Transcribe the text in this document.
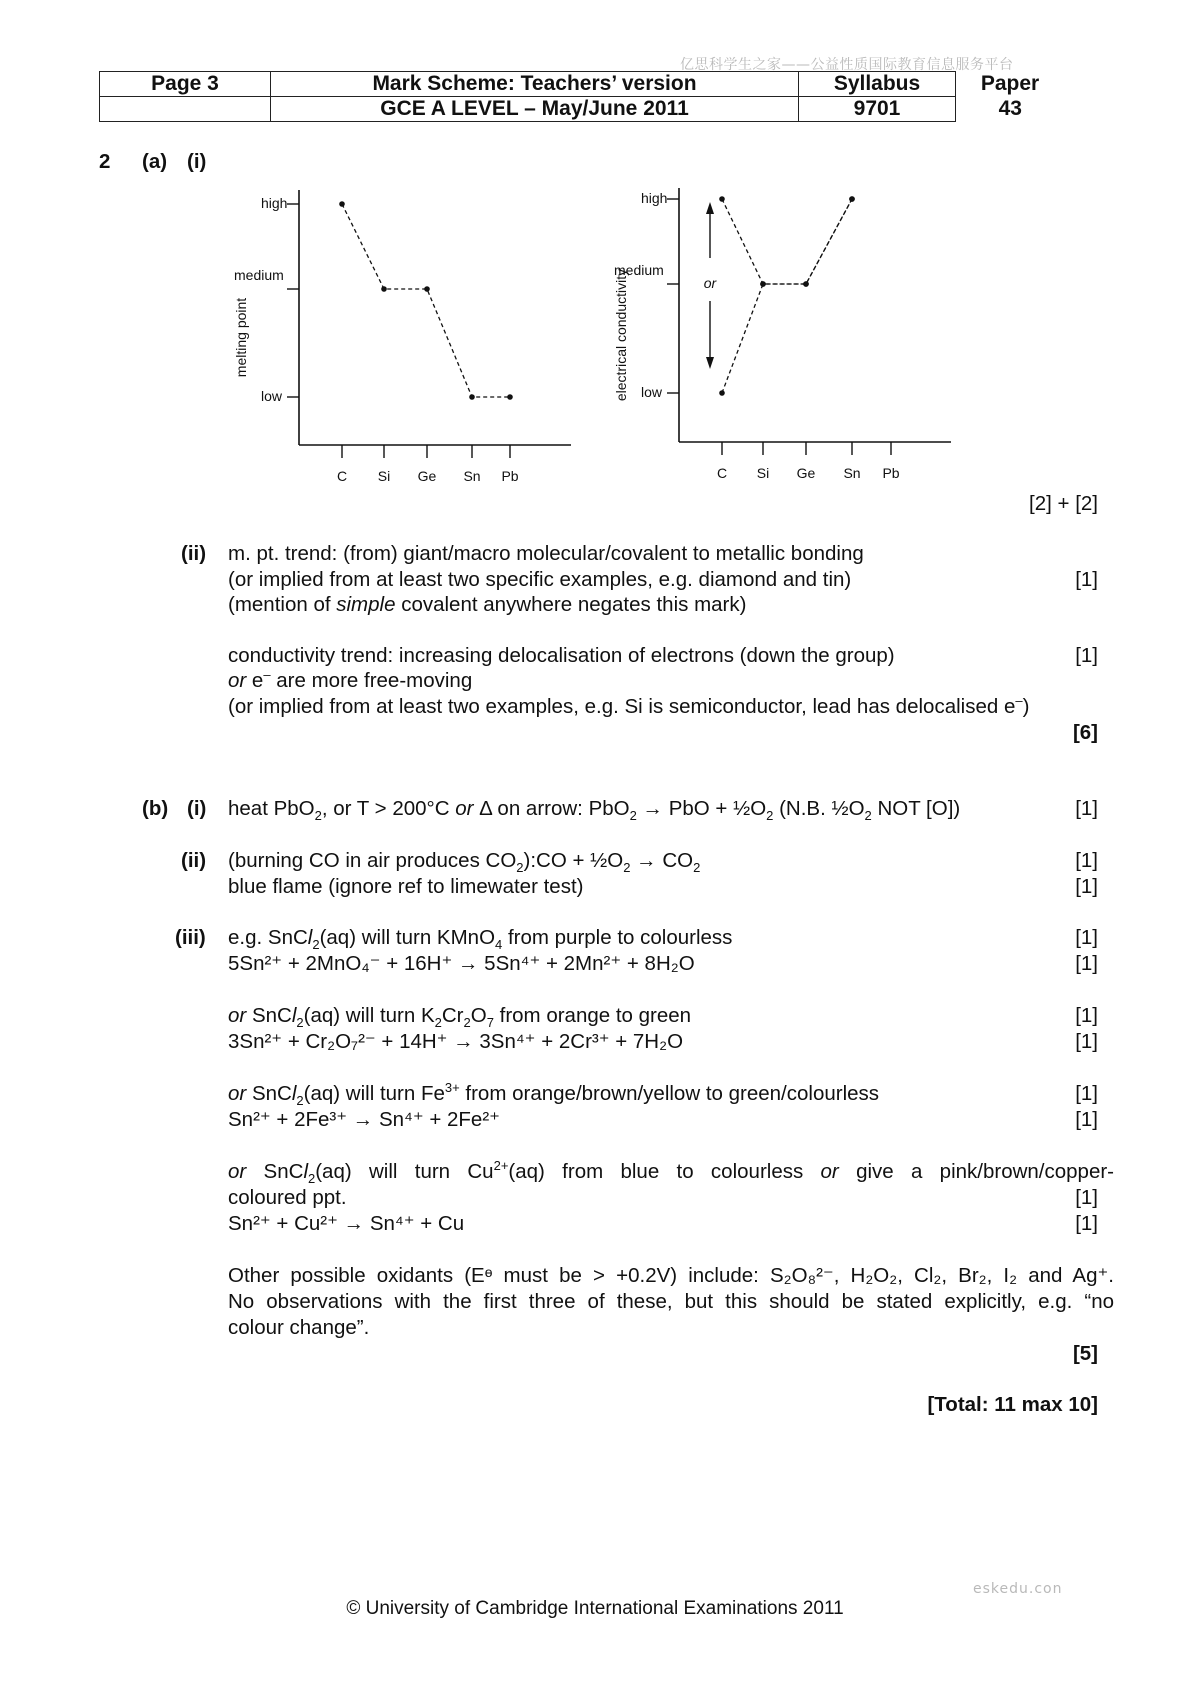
亿思科学生之家——公益性质国际教育信息服务平台
eskedu.con
Page 3	Mark Scheme: Teachers’ version	Syllabus	Paper
	GCE A LEVEL – May/June 2011	9701	43
2 (a) (i)
low
medium
high
C Si Ge Sn Pb
melting point
low
medium
high
C Si Ge Sn Pb
electrical conductivity	or
[2] + [2]
(ii) m. pt. trend: (from) giant/macro molecular/covalent to metallic bonding
(or implied from at least two specific examples, e.g. diamond and tin)	[1]
(mention of simple covalent anywhere negates this mark)
conductivity trend: increasing delocalisation of electrons (down the group)	[1]
or e– are more free-moving
(or implied from at least two examples, e.g. Si is semiconductor, lead has delocalised e–)
[6]
(b) (i) heat PbO$_2$, or T > 200°C or Δ on arrow: PbO$_2$ → PbO + $\frac{1}{2}O_2$ (N.B. $\frac{1}{2}O_2$ NOT [O])	[1]
(ii) (burning CO in air produces $CO_2):CO$ + $\frac{1}{2}O_2 \to CO_2$	[1]
blue flame (ignore ref to limewater test)	[1]
(iii) e.g. SnCl$_2$(aq) will turn KMnO$_4$ from purple to colourless	[1]
5Sn²⁺ + 2MnO₄⁻ + 16H⁺ → 5Sn⁴⁺ + 2Mn²⁺ + 8H₂O	[1]
or SnCl$_2$(aq) will turn $K_2Cr_2O_7$ from orange to green	[1]
3Sn²⁺ + Cr₂O₇²⁻ + 14H⁺ → 3Sn⁴⁺ + 2Cr³⁺ + 7H₂O	[1]
or SnCl$_2$(aq) will turn $Fe^{3+}$ from orange/brown/yellow to green/colourless	[1]
Sn²⁺ + 2Fe³⁺ → Sn⁴⁺ + 2Fe²⁺	[1]
or SnCl$_2$(aq) will turn $Cu^{2+}(aq)$ from blue to colourless or give a pink/brown/copper-
coloured ppt.	[1]
Sn²⁺ + Cu²⁺ → Sn⁴⁺ + Cu	[1]
Other possible oxidants (Eᶱ must be > +0.2V) include: S₂O₈²⁻, H₂O₂, Cl₂, Br₂, I₂ and Ag⁺.
No observations with the first three of these, but this should be stated explicitly, e.g. “no
colour change”.
[5]
[Total: 11 max 10]
© University of Cambridge International Examinations 2011
